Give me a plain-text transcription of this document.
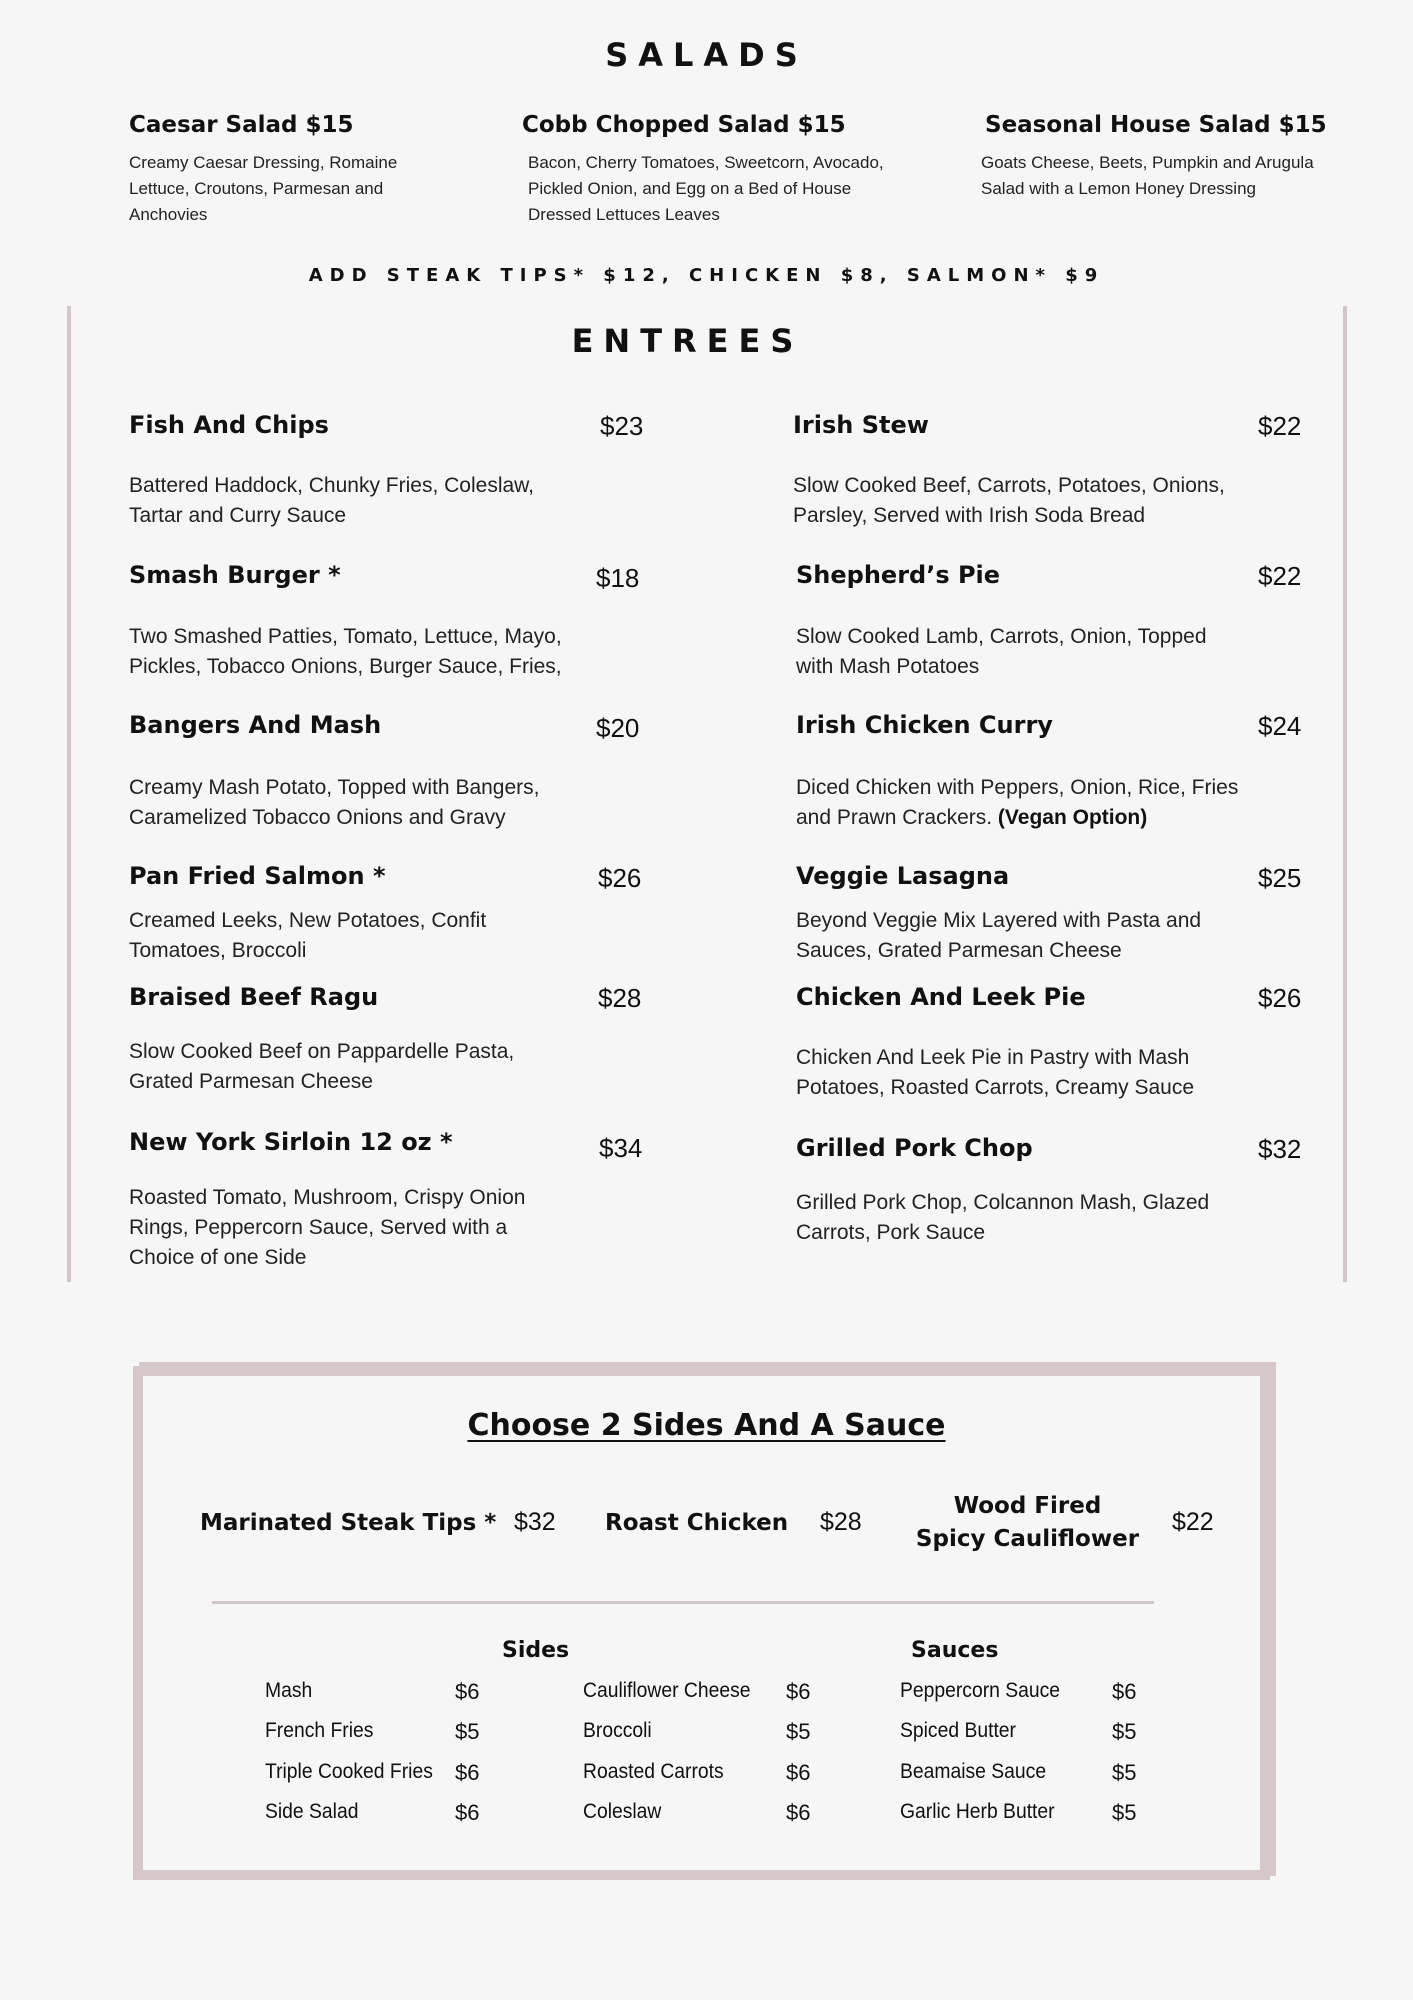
SALADS
Caesar Salad $15
Creamy Caesar Dressing, Romaine Lettuce, Croutons, Parmesan and Anchovies
Cobb Chopped Salad $15
Bacon, Cherry Tomatoes, Sweetcorn, Avocado, Pickled Onion, and Egg on a Bed of House Dressed Lettuces Leaves
Seasonal House Salad $15
Goats Cheese, Beets, Pumpkin and Arugula Salad with a Lemon Honey Dressing
ADD STEAK TIPS* $12, CHICKEN $8, SALMON* $9
ENTREES
Fish And Chips	$23
Battered Haddock, Chunky Fries, Coleslaw, Tartar and Curry Sauce
Smash Burger *	$18
Two Smashed Patties, Tomato, Lettuce, Mayo, Pickles, Tobacco Onions, Burger Sauce, Fries,
Bangers And Mash	$20
Creamy Mash Potato, Topped with Bangers, Caramelized Tobacco Onions and Gravy
Pan Fried Salmon *	$26
Creamed Leeks, New Potatoes, Confit Tomatoes, Broccoli
Braised Beef Ragu	$28
Slow Cooked Beef on Pappardelle Pasta, Grated Parmesan Cheese
New York Sirloin 12 oz *	$34
Roasted Tomato, Mushroom, Crispy Onion Rings, Peppercorn Sauce, Served with a Choice of one Side
Irish Stew	$22
Slow Cooked Beef, Carrots, Potatoes, Onions, Parsley, Served with Irish Soda Bread
Shepherd’s Pie	$22
Slow Cooked Lamb, Carrots, Onion, Topped with Mash Potatoes
Irish Chicken Curry	$24
Diced Chicken with Peppers, Onion, Rice, Fries and Prawn Crackers. (Vegan Option)
Veggie Lasagna	$25
Beyond Veggie Mix Layered with Pasta and Sauces, Grated Parmesan Cheese
Chicken And Leek Pie	$26
Chicken And Leek Pie in Pastry with Mash Potatoes, Roasted Carrots, Creamy Sauce
Grilled Pork Chop	$32
Grilled Pork Chop, Colcannon Mash, Glazed Carrots, Pork Sauce
Choose 2 Sides And A Sauce
Marinated Steak Tips * $32 Roast Chicken $28
Wood Fired
Spicy Cauliflower
$22
Sides	Sauces
Mash	$6
French Fries	$5
Triple Cooked Fries $6
Side Salad	$6
Cauliflower Cheese $6
Broccoli	$5
Roasted Carrots	$6
Coleslaw	$6
Peppercorn Sauce $6
Spiced Butter	$5
Beamaise Sauce	$5
Garlic Herb Butter	$5
